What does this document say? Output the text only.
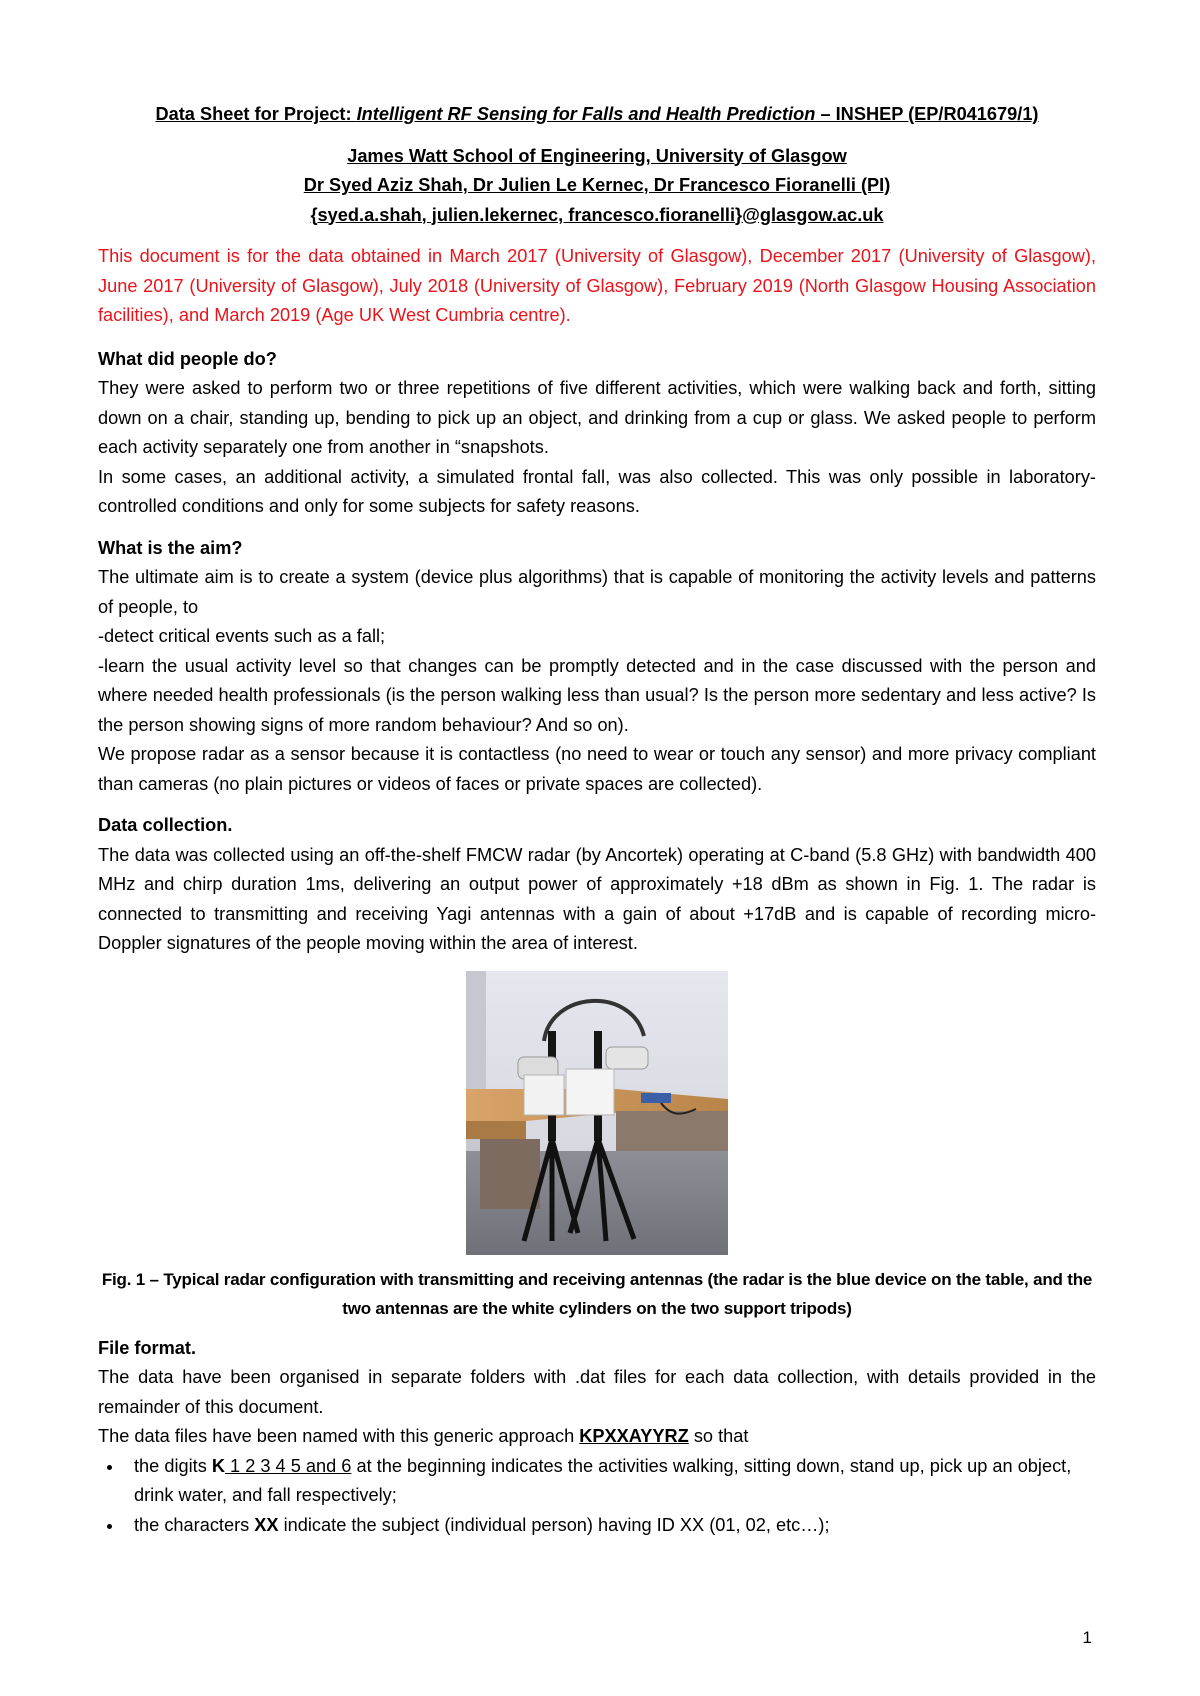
Data Sheet for Project: Intelligent RF Sensing for Falls and Health Prediction – INSHEP (EP/R041679/1)

James Watt School of Engineering, University of Glasgow

Dr Syed Aziz Shah, Dr Julien Le Kernec, Dr Francesco Fioranelli (PI)

{syed.a.shah, julien.lekernec, francesco.fioranelli}@glasgow.ac.uk

This document is for the data obtained in March 2017 (University of Glasgow), December 2017 (University of Glasgow), June 2017 (University of Glasgow), July 2018 (University of Glasgow), February 2019 (North Glasgow Housing Association facilities), and March 2019 (Age UK West Cumbria centre).

What did people do?

They were asked to perform two or three repetitions of five different activities, which were walking back and forth, sitting down on a chair, standing up, bending to pick up an object, and drinking from a cup or glass. We asked people to perform each activity separately one from another in “snapshots.

In some cases, an additional activity, a simulated frontal fall, was also collected. This was only possible in laboratory-controlled conditions and only for some subjects for safety reasons.

What is the aim?

The ultimate aim is to create a system (device plus algorithms) that is capable of monitoring the activity levels and patterns of people, to

-detect critical events such as a fall;

-learn the usual activity level so that changes can be promptly detected and in the case discussed with the person and where needed health professionals (is the person walking less than usual? Is the person more sedentary and less active? Is the person showing signs of more random behaviour? And so on).

We propose radar as a sensor because it is contactless (no need to wear or touch any sensor) and more privacy compliant than cameras (no plain pictures or videos of faces or private spaces are collected).

Data collection.

The data was collected using an off-the-shelf FMCW radar (by Ancortek) operating at C-band (5.8 GHz) with bandwidth 400 MHz and chirp duration 1ms, delivering an output power of approximately +18 dBm as shown in Fig. 1. The radar is connected to transmitting and receiving Yagi antennas with a gain of about +17dB and is capable of recording micro-Doppler signatures of the people moving within the area of interest.

Fig. 1 – Typical radar configuration with transmitting and receiving antennas (the radar is the blue device on the table, and the two antennas are the white cylinders on the two support tripods)

File format.

The data have been organised in separate folders with .dat files for each data collection, with details provided in the remainder of this document.

The data files have been named with this generic approach KPXXAYYRZ so that

• the digits K 1 2 3 4 5 and 6 at the beginning indicates the activities walking, sitting down, stand up, pick up an object, drink water, and fall respectively;
• the characters XX indicate the subject (individual person) having ID XX (01, 02, etc…);
1
